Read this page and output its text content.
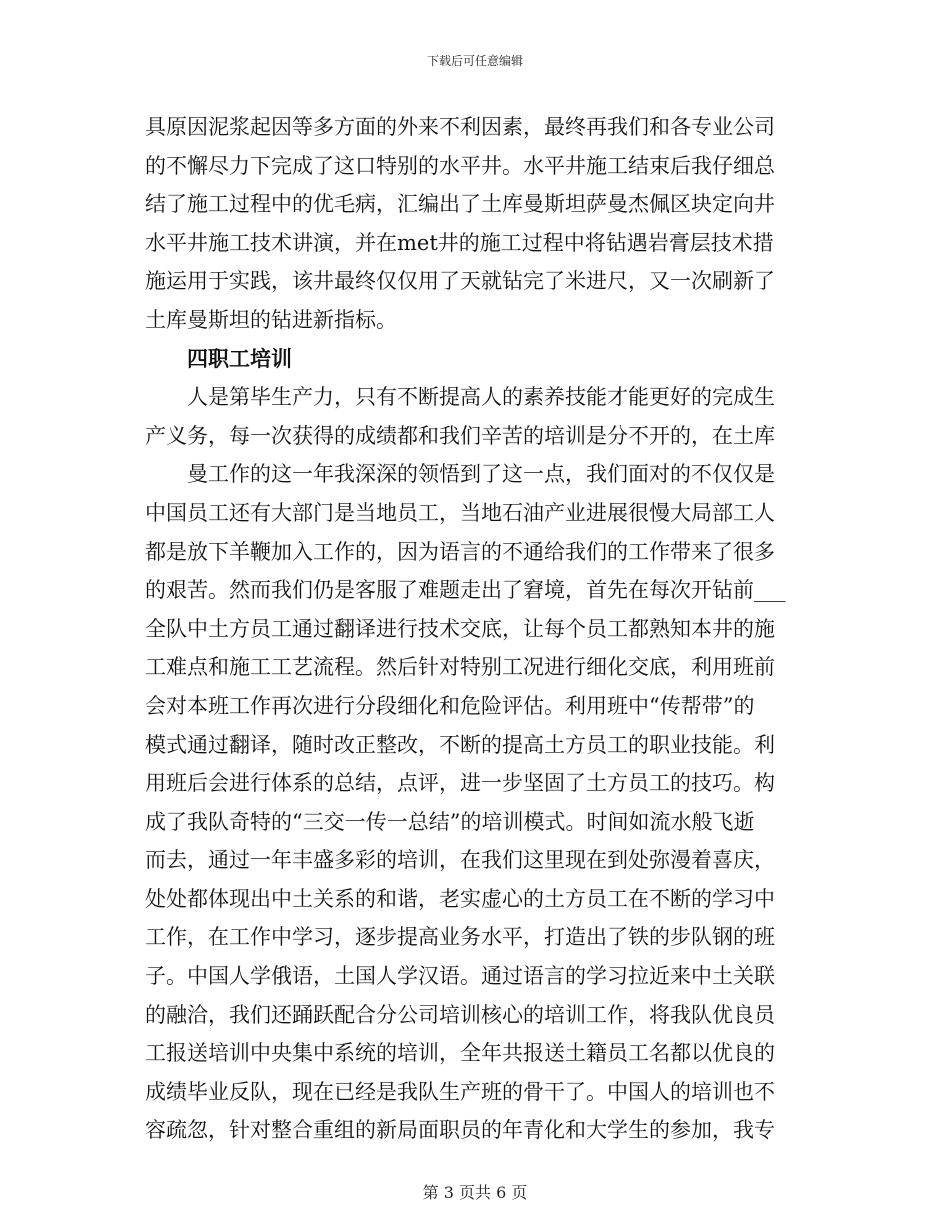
下载后可任意编辑
具原因泥浆起因等多方面的外来不利因素，最终再我们和各专业公司
的不懈尽力下完成了这口特别的水平井。水平井施工结束后我仔细总
结了施工过程中的优毛病，汇编出了土库曼斯坦萨曼杰佩区块定向井
水平井施工技术讲演，并在met井的施工过程中将钻遇岩膏层技术措
施运用于实践，该井最终仅仅用了天就钻完了米进尺，又一次刷新了
土库曼斯坦的钻进新指标。
四职工培训
人是第毕生产力，只有不断提高人的素养技能才能更好的完成生
产义务，每一次获得的成绩都和我们辛苦的培训是分不开的，在土库
曼工作的这一年我深深的领悟到了这一点，我们面对的不仅仅是
中国员工还有大部门是当地员工，当地石油产业进展很慢大局部工人
都是放下羊鞭加入工作的，因为语言的不通给我们的工作带来了很多
的艰苦。然而我们仍是客服了难题走出了窘境，首先在每次开钻前___
全队中土方员工通过翻译进行技术交底，让每个员工都熟知本井的施
工难点和施工工艺流程。然后针对特别工况进行细化交底，利用班前
会对本班工作再次进行分段细化和危险评估。利用班中“传帮带”的
模式通过翻译，随时改正整改，不断的提高土方员工的职业技能。利
用班后会进行体系的总结，点评，进一步坚固了土方员工的技巧。构
成了我队奇特的“三交一传一总结”的培训模式。时间如流水般飞逝
而去，通过一年丰盛多彩的培训，在我们这里现在到处弥漫着喜庆，
处处都体现出中土关系的和谐，老实虚心的土方员工在不断的学习中
工作，在工作中学习，逐步提高业务水平，打造出了铁的步队钢的班
子。中国人学俄语，土国人学汉语。通过语言的学习拉近来中土关联
的融洽，我们还踊跃配合分公司培训核心的培训工作，将我队优良员
工报送培训中央集中系统的培训，全年共报送土籍员工名都以优良的
成绩毕业反队，现在已经是我队生产班的骨干了。中国人的培训也不
容疏忽，针对整合重组的新局面职员的年青化和大学生的参加，我专
第 3 页共 6 页
